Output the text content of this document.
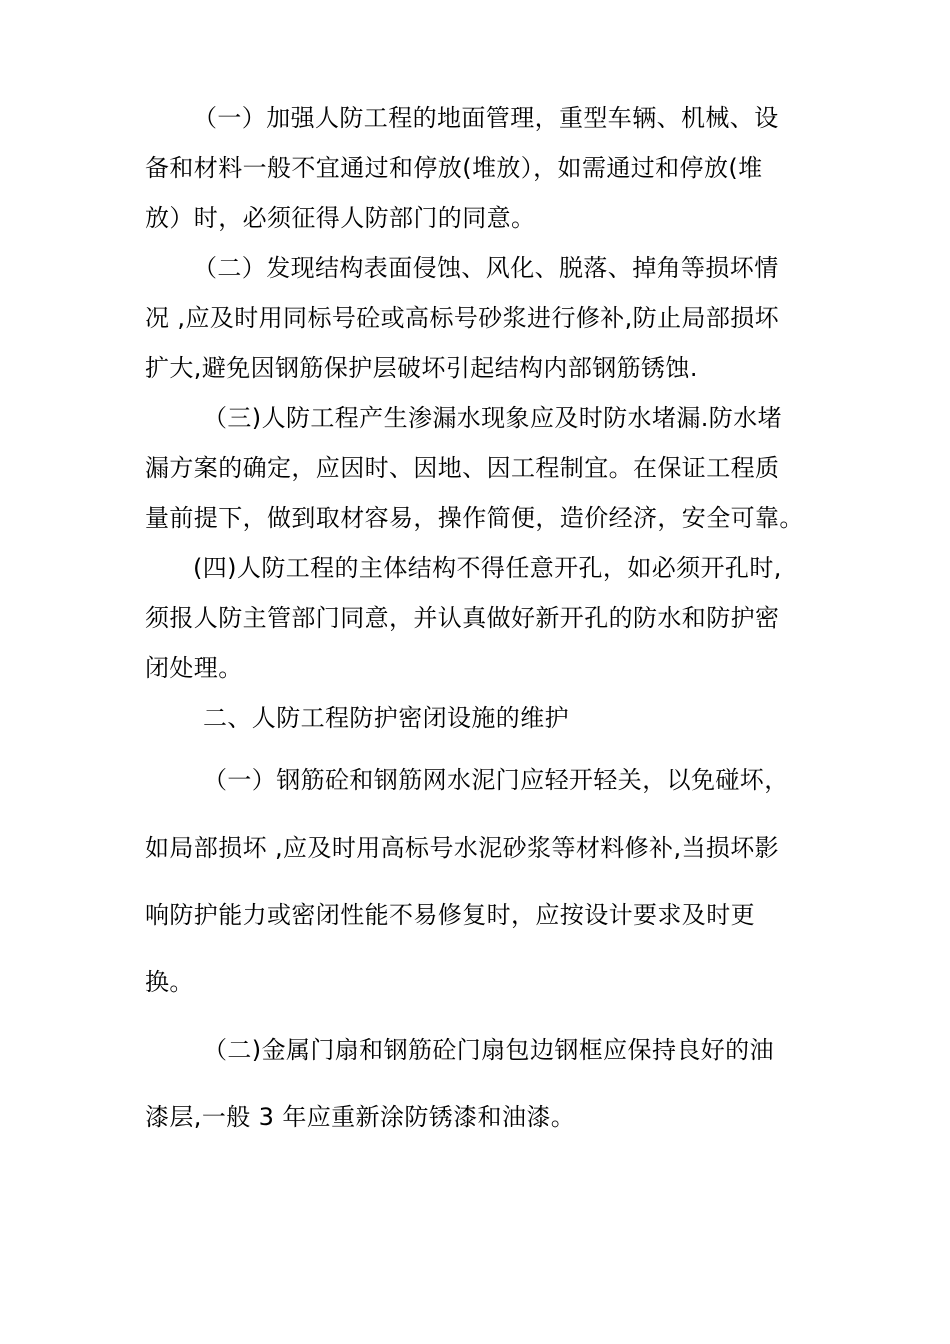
（一）加强人防工程的地面管理，重型车辆、机械、设
备和材料一般不宜通过和停放(堆放），如需通过和停放(堆
放）时，必须征得人防部门的同意。
（二）发现结构表面侵蚀、风化、脱落、掉角等损坏情
况 ,应及时用同标号砼或高标号砂浆进行修补,防止局部损坏
扩大,避免因钢筋保护层破坏引起结构内部钢筋锈蚀.
（三)人防工程产生渗漏水现象应及时防水堵漏.防水堵
漏方案的确定，应因时、因地、因工程制宜。在保证工程质
量前提下，做到取材容易，操作简便，造价经济，安全可靠。
(四)人防工程的主体结构不得任意开孔，如必须开孔时,
须报人防主管部门同意，并认真做好新开孔的防水和防护密
闭处理。
二、人防工程防护密闭设施的维护
（一）钢筋砼和钢筋网水泥门应轻开轻关，以免碰坏，
如局部损坏 ,应及时用高标号水泥砂浆等材料修补,当损坏影
响防护能力或密闭性能不易修复时，应按设计要求及时更
换。
（二)金属门扇和钢筋砼门扇包边钢框应保持良好的油
漆层,一般 3 年应重新涂防锈漆和油漆。
